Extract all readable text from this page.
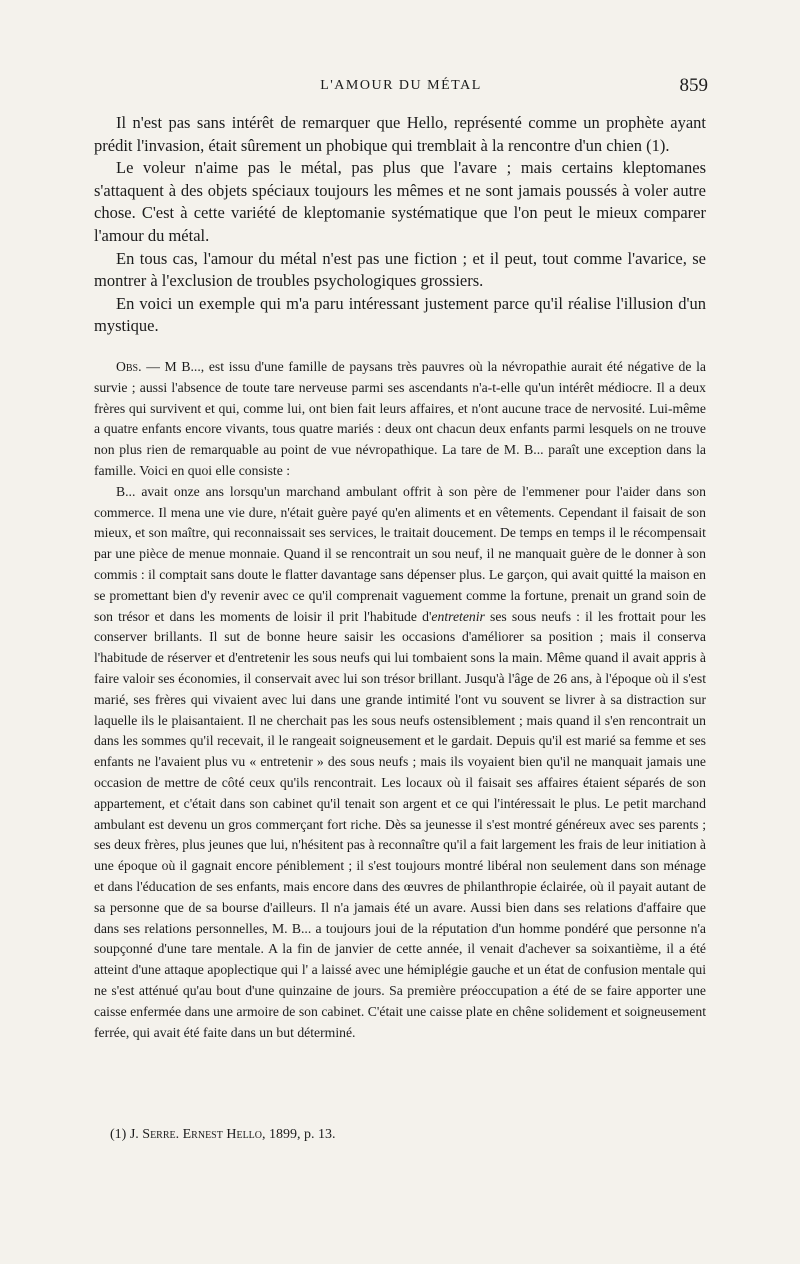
L'AMOUR DU MÉTAL	859

Il n'est pas sans intérêt de remarquer que Hello, représenté comme un prophète ayant prédit l'invasion, était sûrement un phobique qui tremblait à la rencontre d'un chien (1).

Le voleur n'aime pas le métal, pas plus que l'avare ; mais certains kleptomanes s'attaquent à des objets spéciaux toujours les mêmes et ne sont jamais poussés à voler autre chose. C'est à cette variété de kleptomanie systématique que l'on peut le mieux comparer l'amour du métal.

En tous cas, l'amour du métal n'est pas une fiction ; et il peut, tout comme l'avarice, se montrer à l'exclusion de troubles psychologiques grossiers.

En voici un exemple qui m'a paru intéressant justement parce qu'il réalise l'illusion d'un mystique.

Obs. — M B..., est issu d'une famille de paysans très pauvres où la névropathie aurait été négative de la survie ; aussi l'absence de toute tare nerveuse parmi ses ascendants n'a-t-elle qu'un intérêt médiocre. Il a deux frères qui survivent et qui, comme lui, ont bien fait leurs affaires, et n'ont aucune trace de nervosité. Lui-même a quatre enfants encore vivants, tous quatre mariés : deux ont chacun deux enfants parmi lesquels on ne trouve non plus rien de remarquable au point de vue névropathique. La tare de M. B... paraît une exception dans la famille. Voici en quoi elle consiste :

B... avait onze ans lorsqu'un marchand ambulant offrit à son père de l'emmener pour l'aider dans son commerce. Il mena une vie dure, n'était guère payé qu'en aliments et en vêtements. Cependant il faisait de son mieux, et son maître, qui reconnaissait ses services, le traitait doucement. De temps en temps il le récompensait par une pièce de menue monnaie. Quand il se rencontrait un sou neuf, il ne manquait guère de le donner à son commis : il comptait sans doute le flatter davantage sans dépenser plus. Le garçon, qui avait quitté la maison en se promettant bien d'y revenir avec ce qu'il comprenait vaguement comme la fortune, prenait un grand soin de son trésor et dans les moments de loisir il prit l'habitude d'entretenir ses sous neufs : il les frottait pour les conserver brillants. Il sut de bonne heure saisir les occasions d'améliorer sa position ; mais il conserva l'habitude de réserver et d'entretenir les sous neufs qui lui tombaient sons la main. Même quand il avait appris à faire valoir ses économies, il conservait avec lui son trésor brillant. Jusqu'à l'âge de 26 ans, à l'époque où il s'est marié, ses frères qui vivaient avec lui dans une grande intimité l'ont vu souvent se livrer à sa distraction sur laquelle ils le plaisantaient. Il ne cherchait pas les sous neufs ostensiblement ; mais quand il s'en rencontrait un dans les sommes qu'il recevait, il le rangeait soigneusement et le gardait. Depuis qu'il est marié sa femme et ses enfants ne l'avaient plus vu « entretenir » des sous neufs ; mais ils voyaient bien qu'il ne manquait jamais une occasion de mettre de côté ceux qu'ils rencontrait. Les locaux où il faisait ses affaires étaient séparés de son appartement, et c'était dans son cabinet qu'il tenait son argent et ce qui l'intéressait le plus. Le petit marchand ambulant est devenu un gros commerçant fort riche. Dès sa jeunesse il s'est montré généreux avec ses parents ; ses deux frères, plus jeunes que lui, n'hésitent pas à reconnaître qu'il a fait largement les frais de leur initiation à une époque où il gagnait encore péniblement ; il s'est toujours montré libéral non seulement dans son ménage et dans l'éducation de ses enfants, mais encore dans des œuvres de philanthropie éclairée, où il payait autant de sa personne que de sa bourse d'ailleurs. Il n'a jamais été un avare. Aussi bien dans ses relations d'affaire que dans ses relations personnelles, M. B... a toujours joui de la réputation d'un homme pondéré que personne n'a soupçonné d'une tare mentale. A la fin de janvier de cette année, il venait d'achever sa soixantième, il a été atteint d'une attaque apoplectique qui l' a laissé avec une hémiplégie gauche et un état de confusion mentale qui ne s'est atténué qu'au bout d'une quinzaine de jours. Sa première préoccupation a été de se faire apporter une caisse enfermée dans une armoire de son cabinet. C'était une caisse plate en chêne solidement et soigneusement ferrée, qui avait été faite dans un but déterminé.

(1) J. Serre. Ernest Hello, 1899, p. 13.
